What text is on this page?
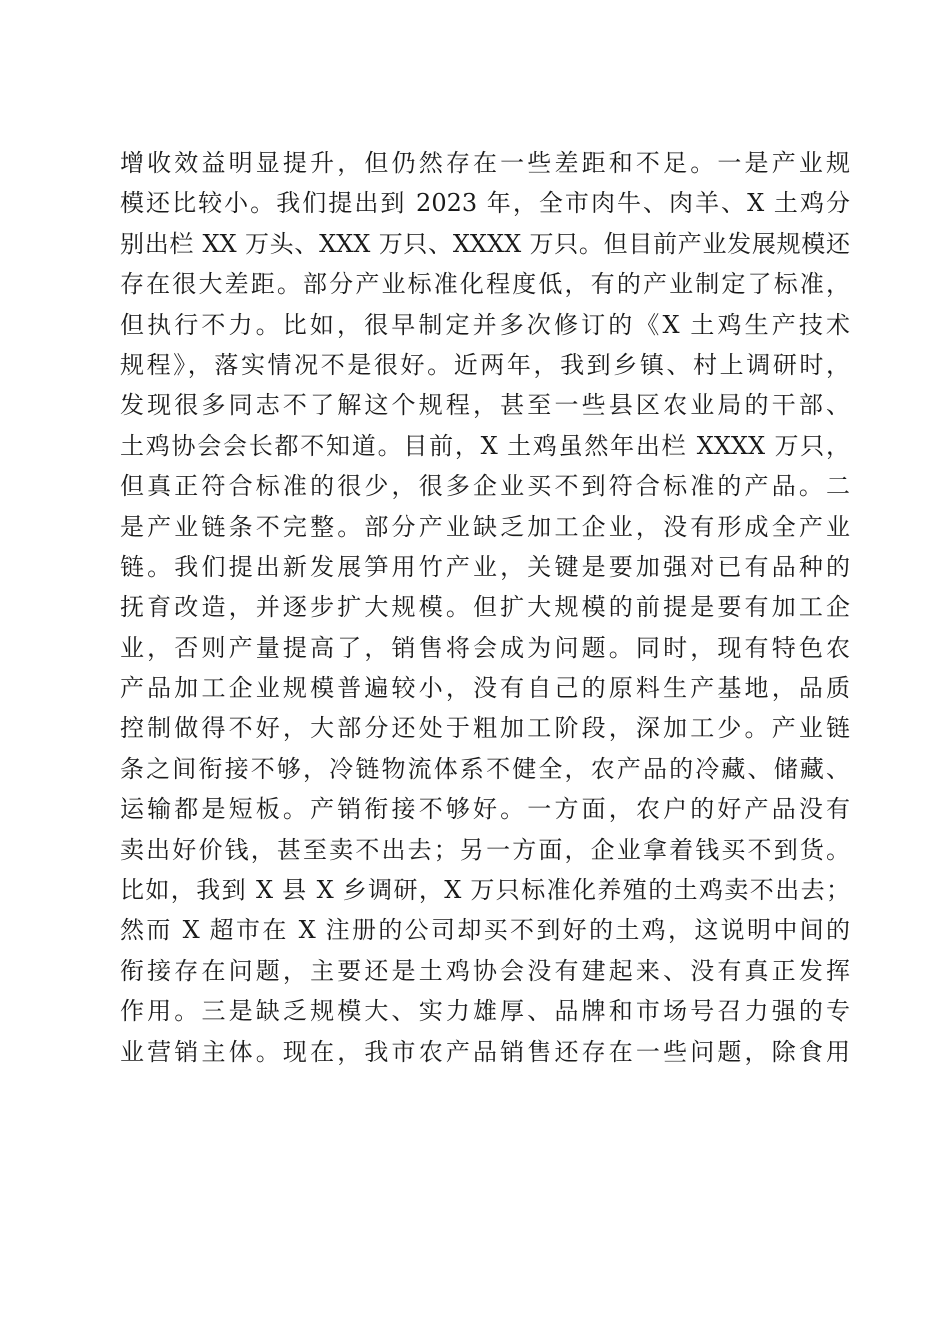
增收效益明显提升，但仍然存在一些差距和不足。一是产业规
模还比较小。我们提出到 2023 年，全市肉牛、肉羊、X 土鸡分
别出栏 XX 万头、XXX 万只、XXXX 万只。但目前产业发展规模还
存在很大差距。部分产业标准化程度低，有的产业制定了标准，
但执行不力。比如，很早制定并多次修订的《X 土鸡生产技术
规程》，落实情况不是很好。近两年，我到乡镇、村上调研时，
发现很多同志不了解这个规程，甚至一些县区农业局的干部、
土鸡协会会长都不知道。目前，X 土鸡虽然年出栏 XXXX 万只，
但真正符合标准的很少，很多企业买不到符合标准的产品。二
是产业链条不完整。部分产业缺乏加工企业，没有形成全产业
链。我们提出新发展笋用竹产业，关键是要加强对已有品种的
抚育改造，并逐步扩大规模。但扩大规模的前提是要有加工企
业，否则产量提高了，销售将会成为问题。同时，现有特色农
产品加工企业规模普遍较小，没有自己的原料生产基地，品质
控制做得不好，大部分还处于粗加工阶段，深加工少。产业链
条之间衔接不够，冷链物流体系不健全，农产品的冷藏、储藏、
运输都是短板。产销衔接不够好。一方面，农户的好产品没有
卖出好价钱，甚至卖不出去；另一方面，企业拿着钱买不到货。
比如，我到 X 县 X 乡调研，X 万只标准化养殖的土鸡卖不出去；
然而 X 超市在 X 注册的公司却买不到好的土鸡，这说明中间的
衔接存在问题，主要还是土鸡协会没有建起来、没有真正发挥
作用。三是缺乏规模大、实力雄厚、品牌和市场号召力强的专
业营销主体。现在，我市农产品销售还存在一些问题，除食用
